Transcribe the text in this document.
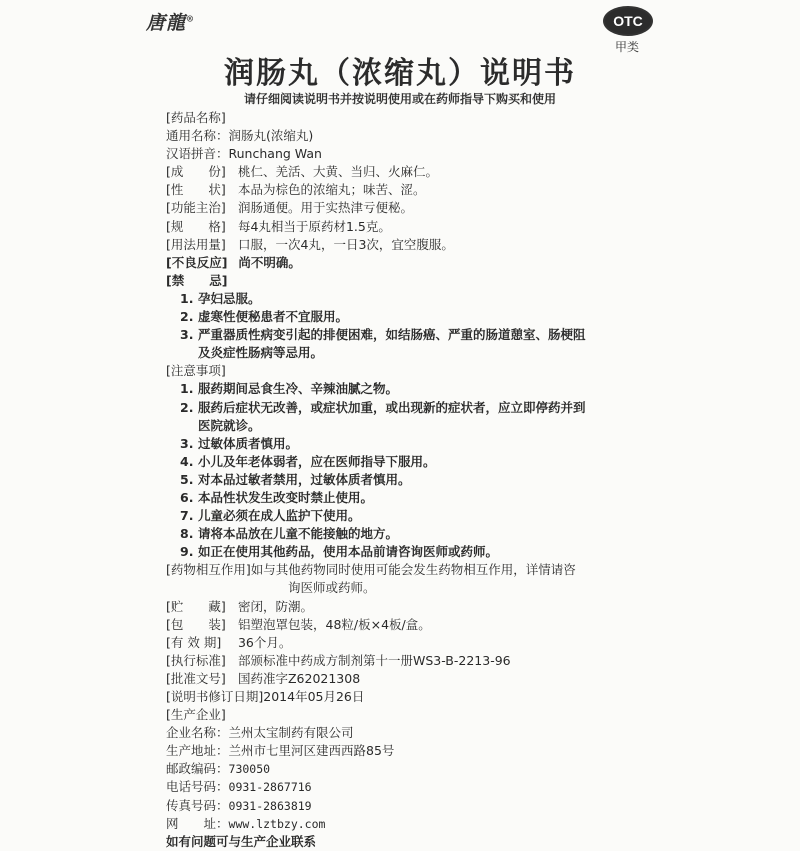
唐龍®	OTC
甲类
润肠丸（浓缩丸）说明书
请仔细阅读说明书并按说明使用或在药师指导下购买和使用
[药品名称]
通用名称：润肠丸(浓缩丸)
汉语拼音：Runchang Wan
[成　　份] 桃仁、羌活、大黄、当归、火麻仁。
[性　　状] 本品为棕色的浓缩丸；味苦、涩。
[功能主治] 润肠通便。用于实热津亏便秘。
[规　　格] 每4丸相当于原药材1.5克。
[用法用量] 口服，一次4丸，一日3次，宜空腹服。
[不良反应] 尚不明确。
[禁　　忌]
1. 孕妇忌服。
2. 虚寒性便秘患者不宜服用。
3. 严重器质性病变引起的排便困难，如结肠癌、严重的肠道憩室、肠梗阻
及炎症性肠病等忌用。
[注意事项]
1. 服药期间忌食生冷、辛辣油腻之物。
2. 服药后症状无改善，或症状加重，或出现新的症状者，应立即停药并到
医院就诊。
3. 过敏体质者慎用。
4. 小儿及年老体弱者，应在医师指导下服用。
5. 对本品过敏者禁用，过敏体质者慎用。
6. 本品性状发生改变时禁止使用。
7. 儿童必须在成人监护下使用。
8. 请将本品放在儿童不能接触的地方。
9. 如正在使用其他药品，使用本品前请咨询医师或药师。
[药物相互作用]如与其他药物同时使用可能会发生药物相互作用，详情请咨
询医师或药师。
[贮　　藏] 密闭，防潮。
[包　　装] 铝塑泡罩包装，48粒/板×4板/盒。
[有 效 期] 36个月。
[执行标准] 部颁标准中药成方制剂第十一册WS3-B-2213-96
[批准文号] 国药准字Z62021308
[说明书修订日期]2014年05月26日
[生产企业]
企业名称：兰州太宝制药有限公司
生产地址：兰州市七里河区建西西路85号
邮政编码：730050
电话号码：0931-2867716
传真号码：0931-2863819
网　　址：www.lztbzy.com
如有问题可与生产企业联系
